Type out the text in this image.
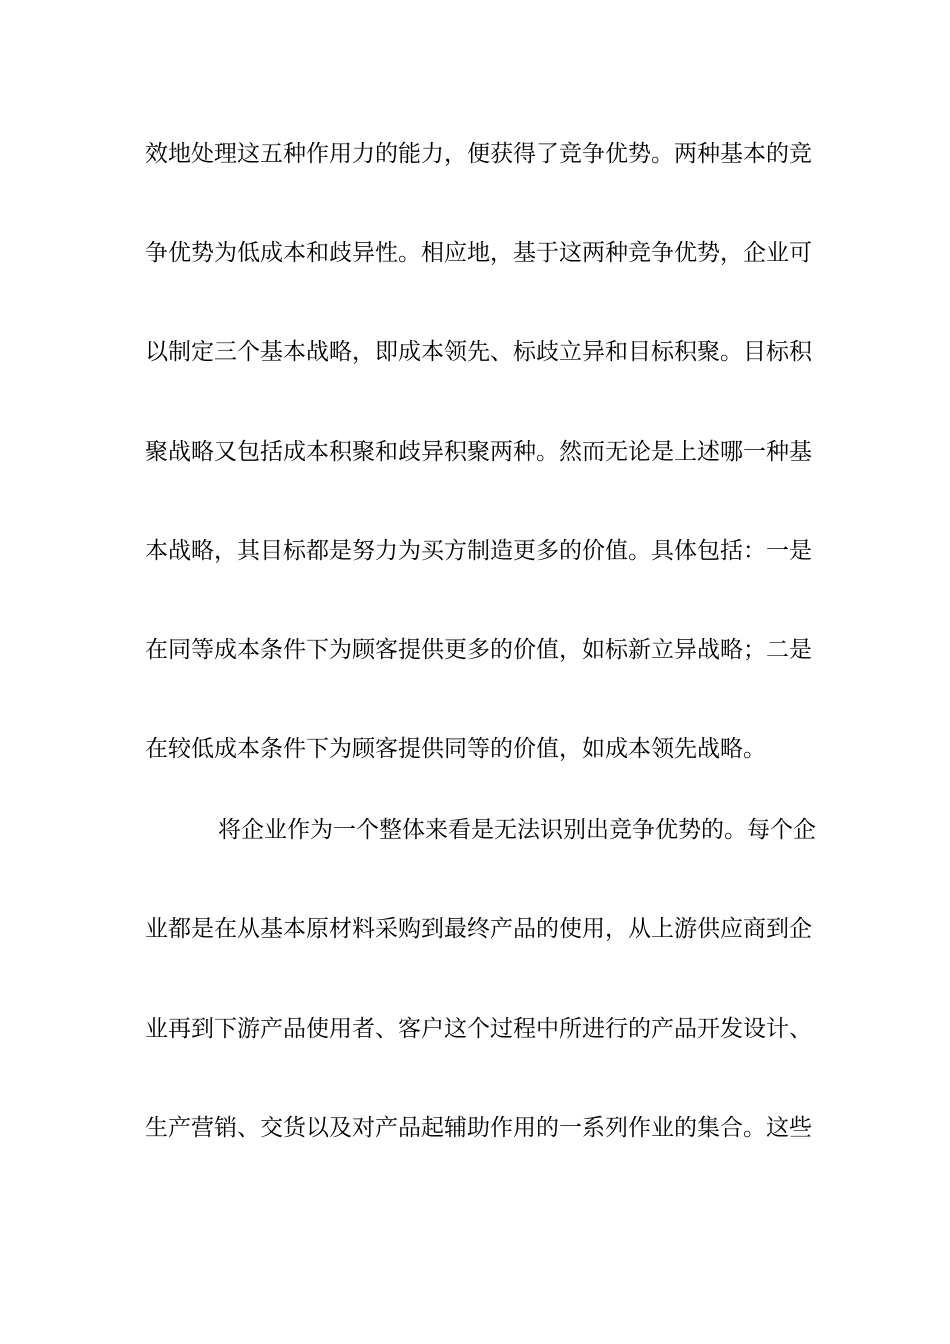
效地处理这五种作用力的能力，便获得了竞争优势。两种基本的竞
争优势为低成本和歧异性。相应地，基于这两种竞争优势，企业可
以制定三个基本战略，即成本领先、标歧立异和目标积聚。目标积
聚战略又包括成本积聚和歧异积聚两种。然而无论是上述哪一种基
本战略，其目标都是努力为买方制造更多的价值。具体包括：一是
在同等成本条件下为顾客提供更多的价值，如标新立异战略；二是
在较低成本条件下为顾客提供同等的价值，如成本领先战略。
将企业作为一个整体来看是无法识别出竞争优势的。每个企
业都是在从基本原材料采购到最终产品的使用，从上游供应商到企
业再到下游产品使用者、客户这个过程中所进行的产品开发设计、
生产营销、交货以及对产品起辅助作用的一系列作业的集合。这些
